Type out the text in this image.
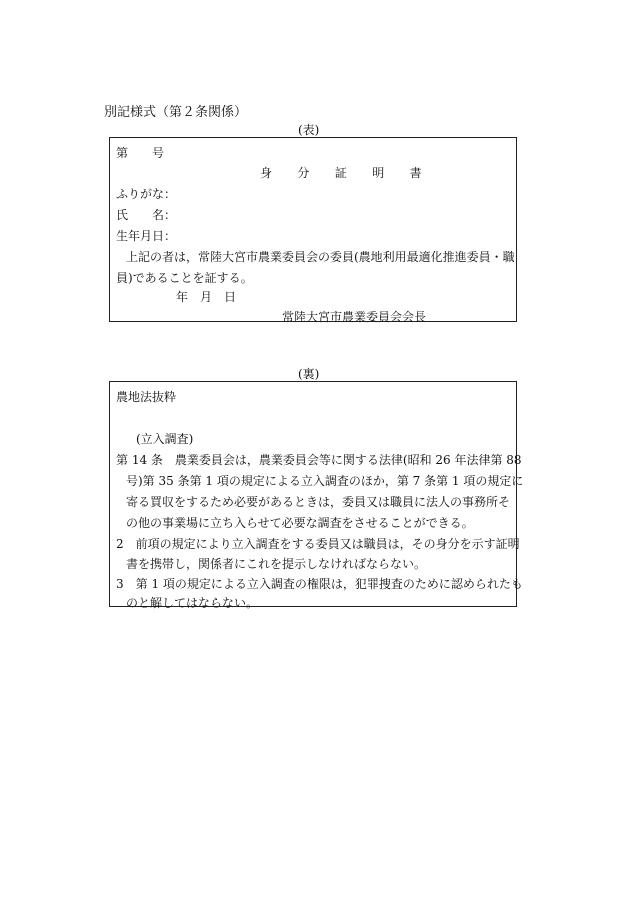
別記様式（第２条関係）
(表)
第　　号
身 分 証 明 書
ふりがな：
氏　　名：
生年月日：
上記の者は，常陸大宮市農業委員会の委員(農地利用最適化推進委員・職
員)であることを証する。
年　月　日
常陸大宮市農業委員会会長
(裏)
農地法抜粋
(立入調査)
第 14 条　農業委員会は，農業委員会等に関する法律(昭和 26 年法律第 88
号)第 35 条第 1 項の規定による立入調査のほか，第 7 条第 1 項の規定に
寄る買収をするため必要があるときは，委員又は職員に法人の事務所そ
の他の事業場に立ち入らせて必要な調査をさせることができる。
2　前項の規定により立入調査をする委員又は職員は，その身分を示す証明
書を携帯し，関係者にこれを提示しなければならない。
3　第 1 項の規定による立入調査の権限は，犯罪捜査のために認められたも
のと解してはならない。
